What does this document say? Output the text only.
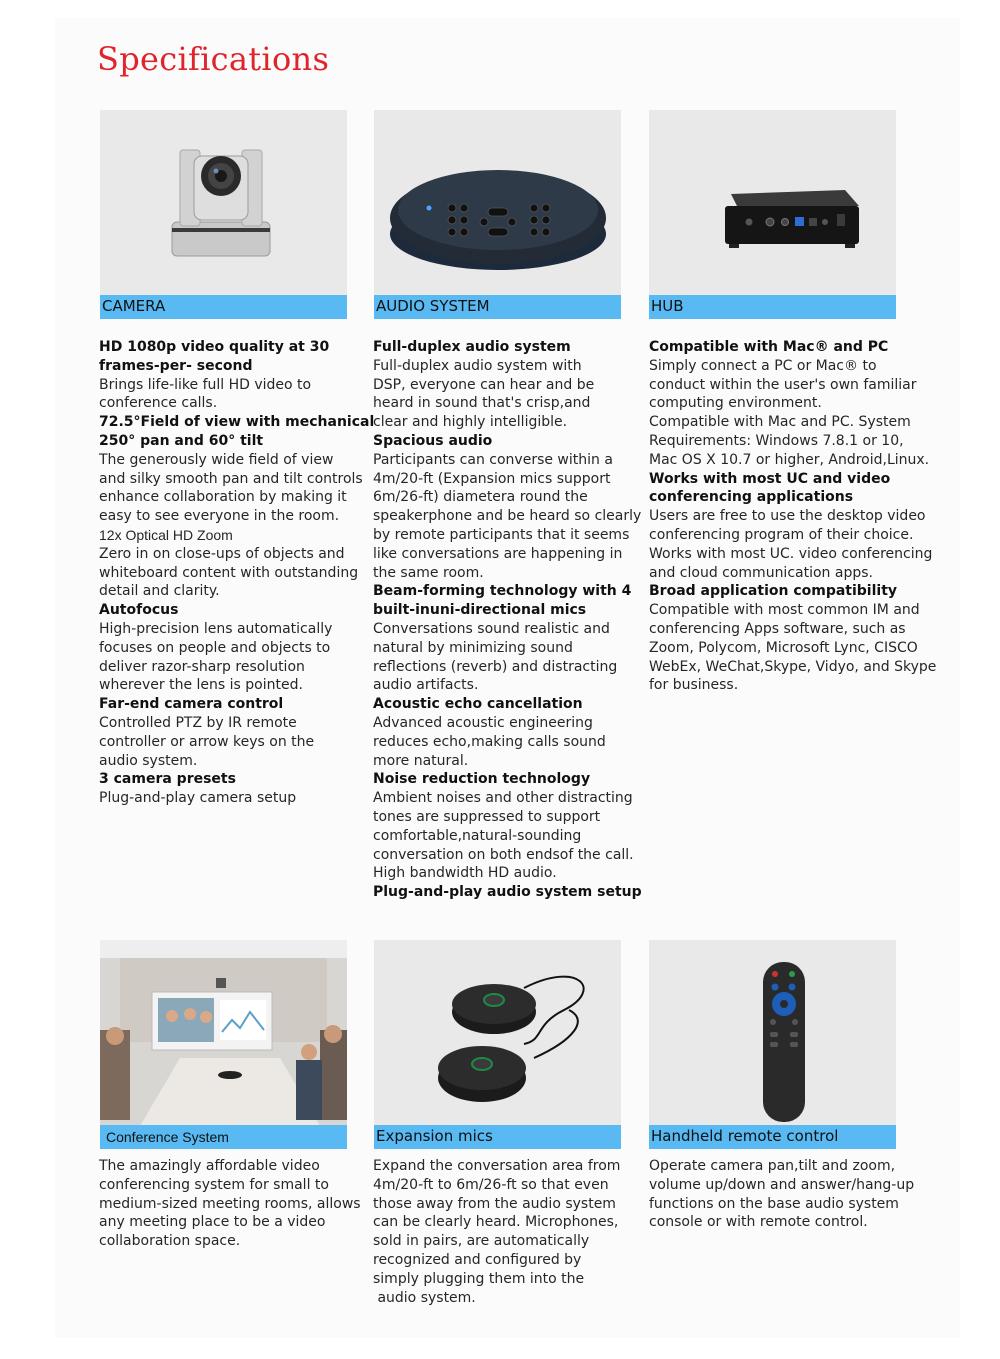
Specifications
CAMERA

HD 1080p video quality at 30

frames-per- second

Brings life-like full HD video to

conference calls.

72.5°Field of view with mechanical

250° pan and 60° tilt

The generously wide field of view

and silky smooth pan and tilt controls

enhance collaboration by making it

easy to see everyone in the room.

12x Optical HD Zoom

Zero in on close-ups of objects and

whiteboard content with outstanding

detail and clarity.

Autofocus

High-precision lens automatically

focuses on people and objects to

deliver razor-sharp resolution

wherever the lens is pointed.

Far-end camera control

Controlled PTZ by IR remote

controller or arrow keys on the

audio system.

3 camera presets

Plug-and-play camera setup

AUDIO SYSTEM

Full-duplex audio system

Full-duplex audio system with

DSP, everyone can hear and be

heard in sound that's crisp,and

clear and highly intelligible.

Spacious audio

Participants can converse within a

4m/20-ft (Expansion mics support

6m/26-ft) diametera round the

speakerphone and be heard so clearly

by remote participants that it seems

like conversations are happening in

the same room.

Beam-forming technology with 4

built-inuni-directional mics

Conversations sound realistic and

natural by minimizing sound

reflections (reverb) and distracting

audio artifacts.

Acoustic echo cancellation

Advanced acoustic engineering

reduces echo,making calls sound

more natural.

Noise reduction technology

Ambient noises and other distracting

tones are suppressed to support

comfortable,natural-sounding

conversation on both endsof the call.

High bandwidth HD audio.

Plug-and-play audio system setup

HUB

Compatible with Mac® and PC

Simply connect a PC or Mac® to

conduct within the user's own familiar

computing environment.

Compatible with Mac and PC. System

Requirements: Windows 7.8.1 or 10,

Mac OS X 10.7 or higher, Android,Linux.

Works with most UC and video

conferencing applications

Users are free to use the desktop video

conferencing program of their choice.

Works with most UC. video conferencing

and cloud communication apps.

Broad application compatibility

Compatible with most common IM and

conferencing Apps software, such as

Zoom, Polycom, Microsoft Lync, CISCO

WebEx, WeChat,Skype, Vidyo, and Skype

for business.

Conference System

The amazingly affordable video

conferencing system for small to

medium-sized meeting rooms, allows

any meeting place to be a video

collaboration space.

Expansion mics

Expand the conversation area from

4m/20-ft to 6m/26-ft so that even

those away from the audio system

can be clearly heard. Microphones,

sold in pairs, are automatically

recognized and configured by

simply plugging them into the

audio system.

Handheld remote control

Operate camera pan,tilt and zoom,

volume up/down and answer/hang-up

functions on the base audio system

console or with remote control.
